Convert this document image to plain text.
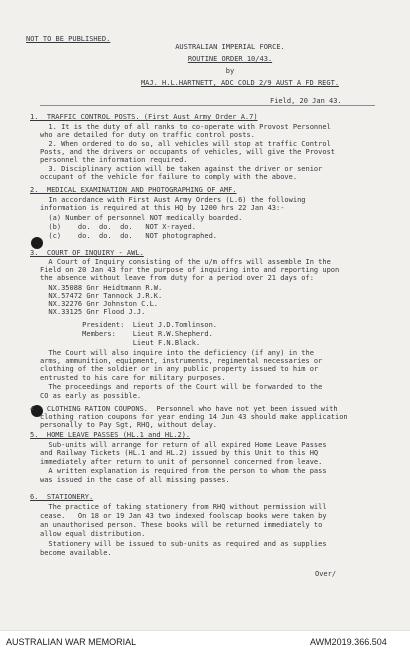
NOT TO BE PUBLISHED.
AUSTRALIAN IMPERIAL FORCE.
ROUTINE ORDER 10/43.
by
MAJ. H.L.HARTNETT, ADC COLD 2/9 AUST A FD REGT.
Field, 20 Jan 43.
1.  TRAFFIC CONTROL POSTS. (First Aust Army Order A.7)
1. It is the duty of all ranks to co-operate with Provost Personnel
who are detailed for duty on traffic control posts.
2. When ordered to do so, all vehicles will stop at traffic Control
Posts, and the drivers or occupants of vehicles, will give the Provost
personnel the information required.
3. Disciplinary action will be taken against the driver or senior
occupant of the vehicle for failure to comply with the above.
2.  MEDICAL EXAMINATION AND PHOTOGRAPHING OF AMF.
In accordance with First Aust Army Orders (L.6) the following
information is required at this HQ by 1200 hrs 22 Jan 43:-
(a) Number of personnel NOT medically boarded.
(b)    do.  do.  do.   NOT X-rayed.
(c)    do.  do.  do.   NOT photographed.
3.  COURT OF INQUIRY - AWL.
A Court of Inquiry consisting of the u/m offrs will assemble In the
Field on 20 Jan 43 for the purpose of inquiring into and reporting upon
the absence without leave from duty for a period over 21 days of:
NX.35088 Gnr Heidtmann R.W.
NX.57472 Gnr Tannock J.R.K.
NX.32276 Gnr Johnston C.L.
NX.33125 Gnr Flood J.J.
President:  Lieut J.D.Tomlinson.
Members:    Lieut R.W.Shepherd.
Lieut F.N.Black.
The Court will also inquire into the deficiency (if any) in the
arms, ammunition, equipment, instruments, regimental necessaries or
clothing of the soldier or in any public property issued to him or
entrusted to his care for military purposes.
The proceedings and reports of the Court will be forwarded to the
CO as early as possible.
4.  CLOTHING RATION COUPONS.  Personnel who have not yet been issued with
clothing ration coupons for year ending 14 Jun 43 should make application
personally to Pay Sgt, RHQ, without delay.
5.  HOME LEAVE PASSES (HL.1 and HL.2).
Sub-units will arrange for return of all expired Home Leave Passes
and Railway Tickets (HL.1 and HL.2) issued by this Unit to this HQ
immediately after return to unit of personnel concerned from leave.
A written explanation is required from the person to whom the pass
was issued in the case of all missing passes.
6.  STATIONERY.
The practice of taking stationery from RHQ without permission will
cease.   On 18 or 19 Jan 43 two indexed foolscap books were taken by
an unauthorised person. These books will be returned immediately to
allow equal distribution.
Stationery will be issued to sub-units as required and as supplies
become available.
Over/
AUSTRALIAN WAR MEMORIAL	AWM2019.366.504
